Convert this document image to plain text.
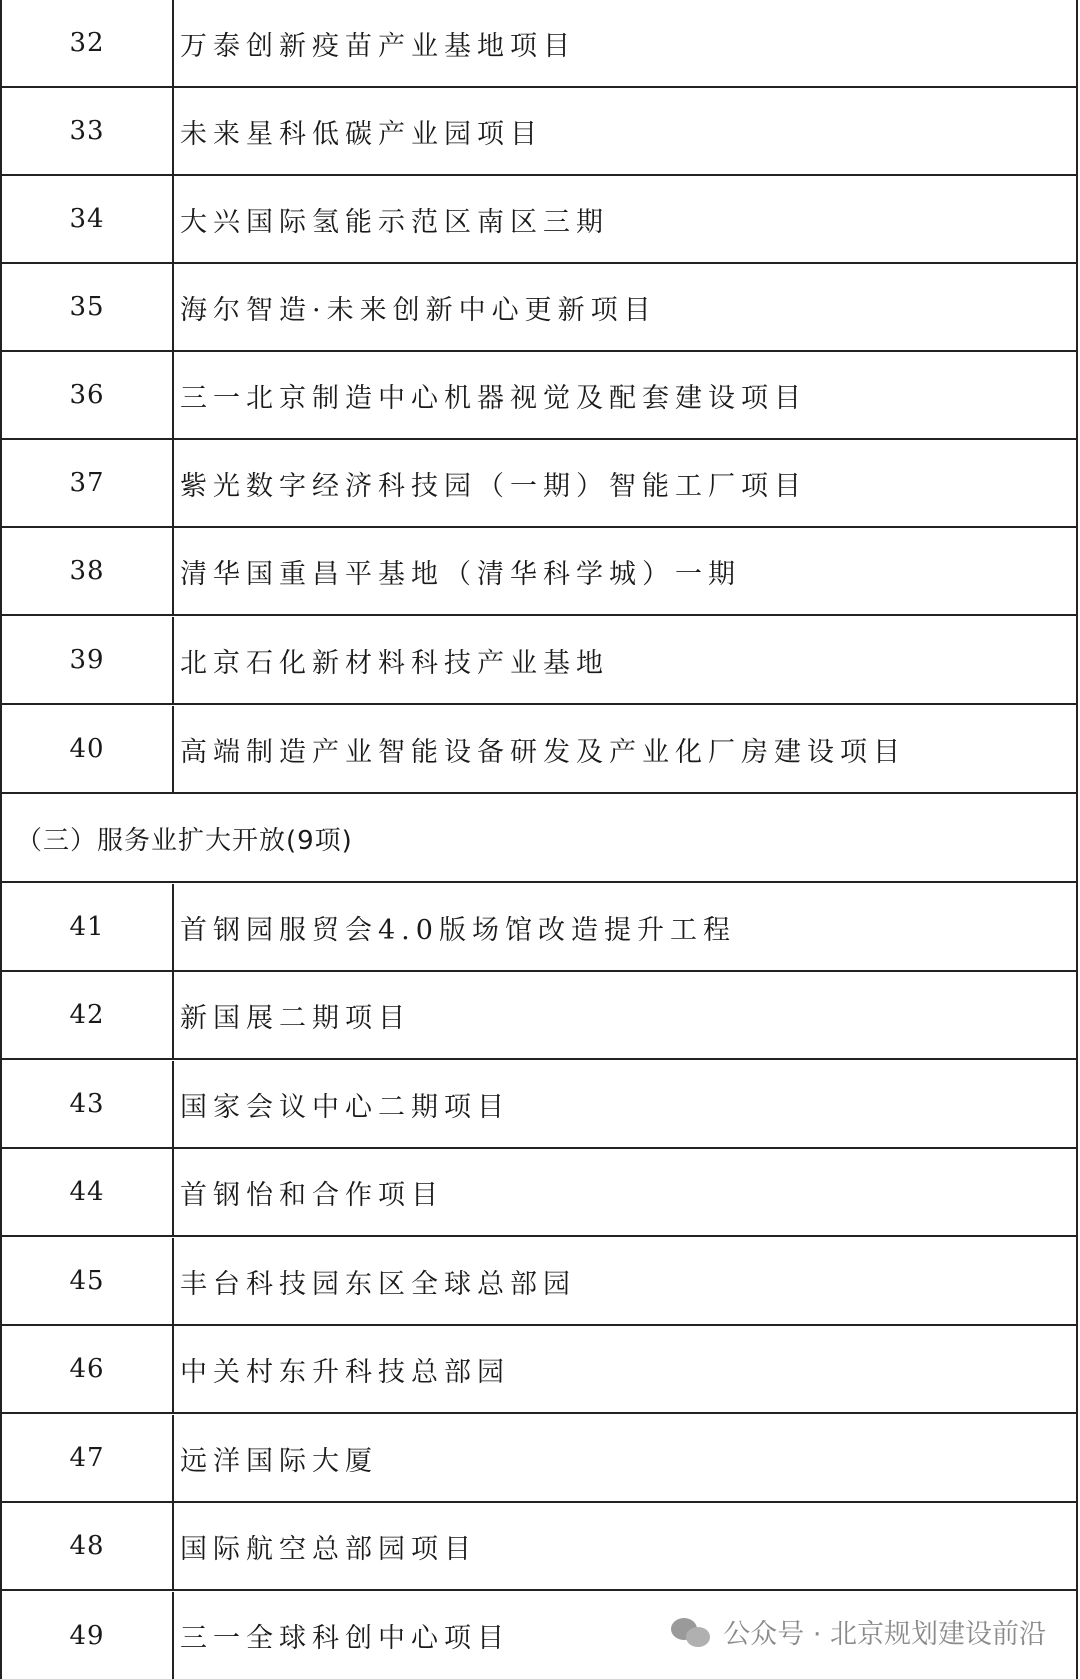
32	万泰创新疫苗产业基地项目
33	未来星科低碳产业园项目
34	大兴国际氢能示范区南区三期
35	海尔智造·未来创新中心更新项目
36	三一北京制造中心机器视觉及配套建设项目
37	紫光数字经济科技园（一期）智能工厂项目
38	清华国重昌平基地（清华科学城）一期
39	北京石化新材料科技产业基地
40	高端制造产业智能设备研发及产业化厂房建设项目
（三）服务业扩大开放(9项)
41	首钢园服贸会4.0版场馆改造提升工程
42	新国展二期项目
43	国家会议中心二期项目
44	首钢怡和合作项目
45	丰台科技园东区全球总部园
46	中关村东升科技总部园
47	远洋国际大厦
48	国际航空总部园项目
49	三一全球科创中心项目	公众号 · 北京规划建设前沿
